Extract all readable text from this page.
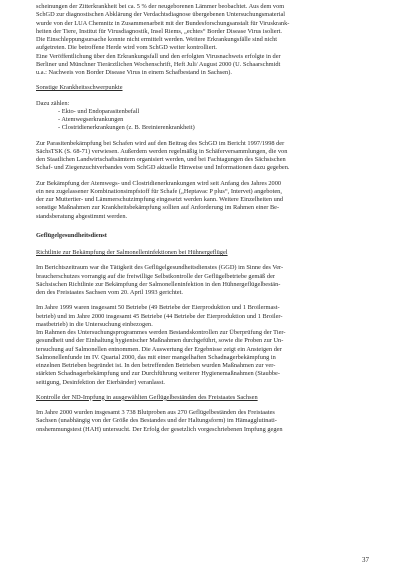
scheinungen der Zitterkrankheit bei ca. 5 % der neugeborenen Lämmer beobachtet. Aus dem vom
SchGD zur diagnostischen Abklärung der Verdachtsdiagnose übergebenen Untersuchungsmaterial
wurde von der LUA Chemnitz in Zusammenarbeit mit der Bundesforschungsanstalt für Viruskrank-
heiten der Tiere, Institut für Virusdiagnostik, Insel Riems, „echtes“ Border Disease Virus isoliert.
Die Einschleppungsursache konnte nicht ermittelt werden. Weitere Erkrankungsfälle sind nicht
aufgetreten. Die betroffene Herde wird vom SchGD weiter kontrolliert.
Eine Veröffentlichung über den Erkrankungsfall und den erfolgten Virusnachweis erfolgte in der
Berliner und Münchner Tierärztlichen Wochenschrift, Heft Juli/ August 2000 (U. Schaarschmidt
u.a.: Nachweis von Border Disease Virus in einem Schafbestand in Sachsen).

Sonstige Krankheitsschwerpunkte

Dazu zählen:

- Ekto- und Endoparasitenbefall
- Atemwegserkrankungen
- Clostridienerkrankungen (z. B. Breinierenkrankheit)

Zur Parasitenbekämpfung bei Schafen wird auf den Beitrag des SchGD im Bericht 1997/1998 der
SächsTSK (S. 68-71) verwiesen. Außerdem werden regelmäßig in Schäferversammlungen, die von
den Staatlichen Landwirtschaftsämtern organisiert werden, und bei Fachtagungen des Sächsischen
Schaf- und Ziegenzuchtverbandes vom SchGD aktuelle Hinweise und Informationen dazu gegeben.

Zur Bekämpfung der Atemwegs- und Clostridienerkrankungen wird seit Anfang des Jahres 2000
ein neu zugelassener Kombinationsimpfstoff für Schafe („Heptavac P plus“, Intervet) angeboten,
der zur Muttertier- und Lämmerschutzimpfung eingesetzt werden kann. Weitere Einzelheiten und
sonstige Maßnahmen zur Krankheitsbekämpfung sollten auf Anforderung im Rahmen einer Be-
standsberatung abgestimmt werden.

Geflügelgesundheitsdienst

Richtlinie zur Bekämpfung der Salmonelleninfektionen bei Hühnergeflügel

Im Berichtszeitraum war die Tätigkeit des Geflügelgesundheitsdienstes (GGD) im Sinne des Ver-
braucherschutzes vorrangig auf die freiwillige Selbstkontrolle der Geflügelbetriebe gemäß der
Sächsischen Richtlinie zur Bekämpfung der Salmonelleninfektion in den Hühnergeflügelbestän-
den des Freistaates Sachsen vom 20. April 1993 gerichtet.

Im Jahre 1999 waren insgesamt 50 Betriebe (49 Betriebe der Eierproduktion und 1 Broilermast-
betrieb) und im Jahre 2000 insgesamt 45 Betriebe (44 Betriebe der Eierproduktion und 1 Broiler-
mastbetrieb) in die Untersuchung einbezogen.
Im Rahmen des Untersuchungsprogrammes werden Bestandskontrollen zur Überprüfung der Tier-
gesundheit und der Einhaltung hygienischer Maßnahmen durchgeführt, sowie die Proben zur Un-
tersuchung auf Salmonellen entnommen. Die Auswertung der Ergebnisse zeigt ein Ansteigen der
Salmonellenfunde im IV. Quartal 2000, das mit einer mangelhaften Schadnagerbekämpfung in
einzelnen Betrieben begründet ist. In den betreffenden Betrieben wurden Maßnahmen zur ver-
stärkten Schadnagerbekämpfung und zur Durchführung weiterer Hygienemaßnahmen (Staubbe-
seitigung, Desinfektion der Eierbänder) veranlasst.

Kontrolle der ND-Impfung in ausgewählten Geflügelbeständen des Freistaates Sachsen

Im Jahre 2000 wurden insgesamt 3 738 Blutproben aus 270 Geflügelbeständen des Freistaates
Sachsen (unabhängig von der Größe des Bestandes und der Haltungsform) im Hämagglutinati-
onshemmungstest (HAH) untersucht. Der Erfolg der gesetzlich vorgeschriebenen Impfung gegen

37
